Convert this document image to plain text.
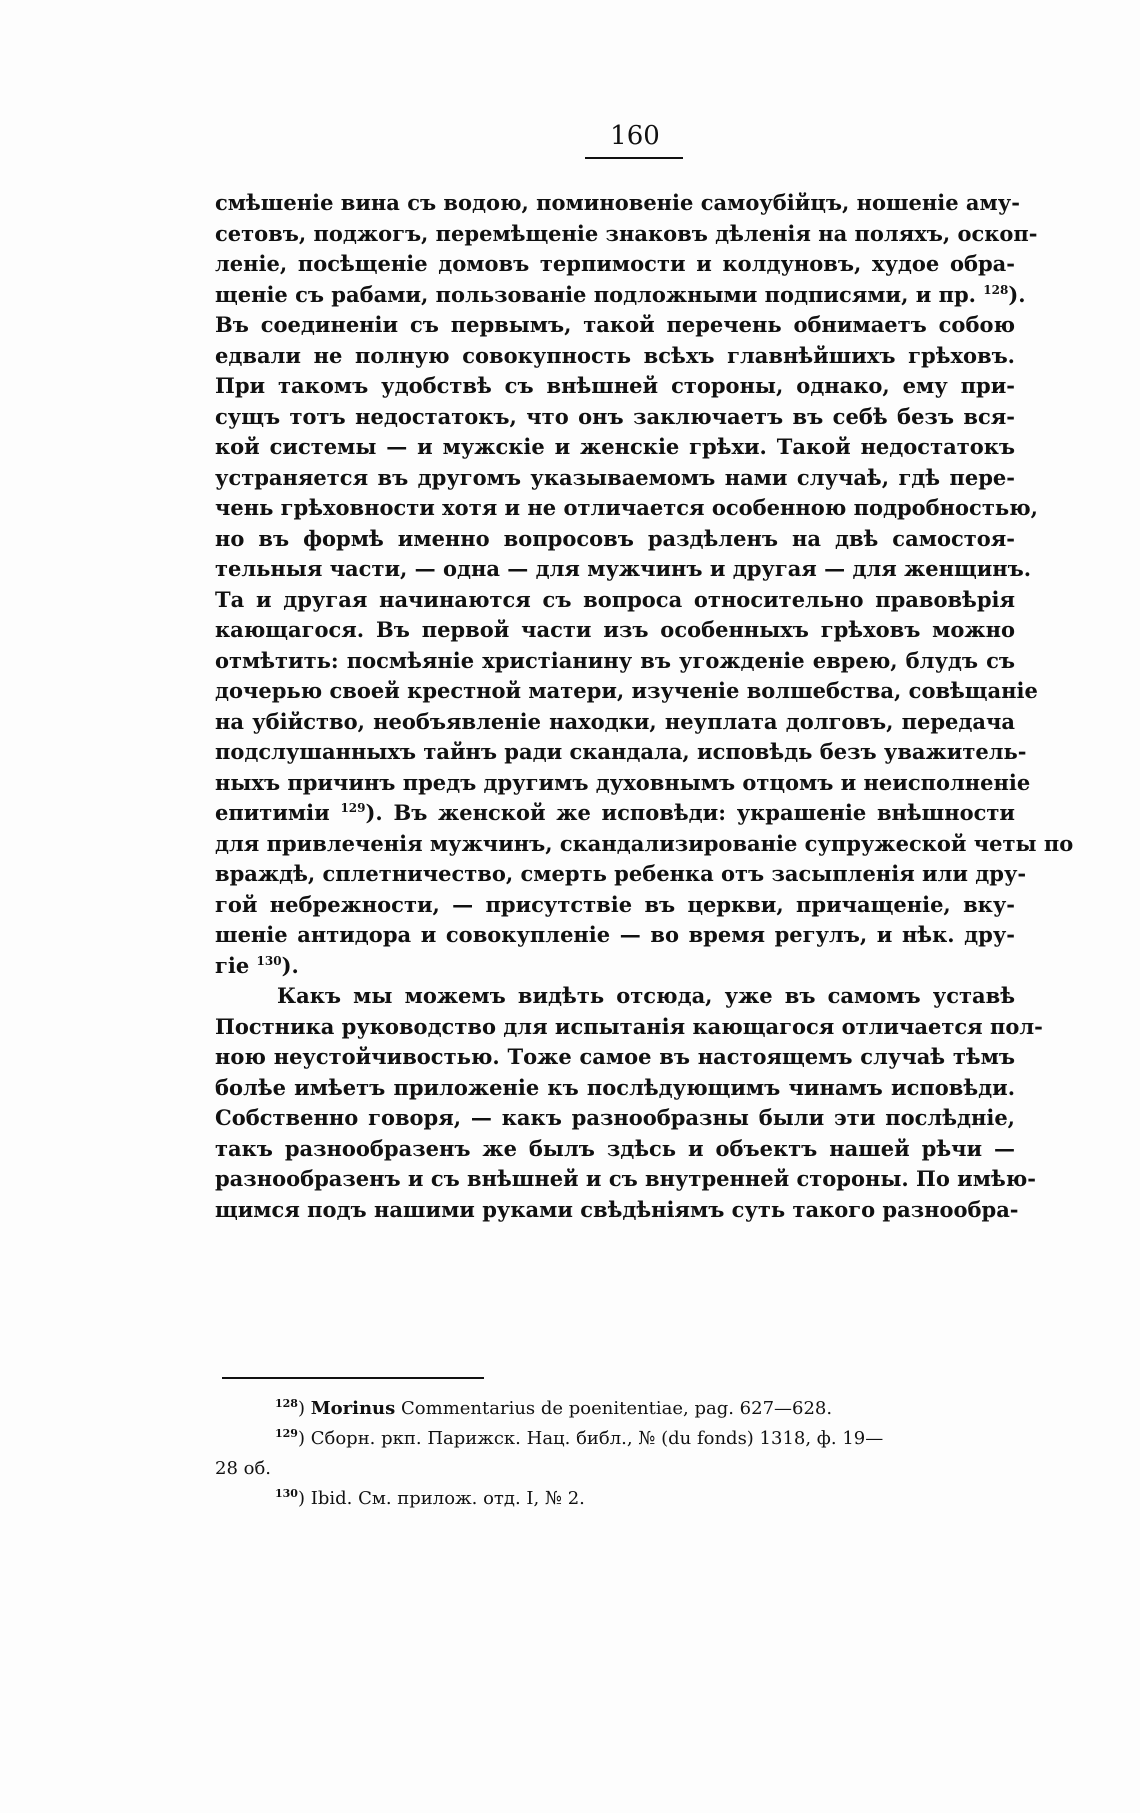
160

смѣшеніе вина съ водою, поминовеніе самоубійцъ, ношеніе аму-
сетовъ, поджогъ, перемѣщеніе знаковъ дѣленія на поляхъ, оскоп-
леніе, посѣщеніе домовъ терпимости и колдуновъ, худое обра-
щеніе съ рабами, пользованіе подложными подписями, и пр. $^{128}$).
Въ соединеніи съ первымъ, такой перечень обнимаетъ собою
едвали не полную совокупность всѣхъ главнѣйшихъ грѣховъ.
При такомъ удобствѣ съ внѣшней стороны, однако, ему при-
сущъ тотъ недостатокъ, что онъ заключаетъ въ себѣ безъ вся-
кой системы — и мужскіе и женскіе грѣхи. Такой недостатокъ
устраняется въ другомъ указываемомъ нами случаѣ, гдѣ пере-
чень грѣховности хотя и не отличается особенною подробностью,
но въ формѣ именно вопросовъ раздѣленъ на двѣ самостоя-
тельныя части, — одна — для мужчинъ и другая — для женщинъ.
Та и другая начинаются съ вопроса относительно правовѣрія
кающагося. Въ первой части изъ особенныхъ грѣховъ можно
отмѣтить: посмѣяніе христіанину въ угожденіе еврею, блудъ съ
дочерью своей крестной матери, изученіе волшебства, совѣщаніе
на убійство, необъявленіе находки, неуплата долговъ, передача
подслушанныхъ тайнъ ради скандала, исповѣдь безъ уважитель-
ныхъ причинъ предъ другимъ духовнымъ отцомъ и неисполненіе
епитиміи $^{129}$). Въ женской же исповѣди: украшеніе внѣшности
для привлеченія мужчинъ, скандализированіе супружеской четы по
враждѣ, сплетничество, смерть ребенка отъ засыпленія или дру-
гой небрежности, — присутствіе въ церкви, причащеніе, вку-
шеніе антидора и совокупленіе — во время регулъ, и нѣк. дру-
гіе $^{130}$).

Какъ мы можемъ видѣть отсюда, уже въ самомъ уставѣ
Постника руководство для испытанія кающагося отличается пол-
ною неустойчивостью. Тоже самое въ настоящемъ случаѣ тѣмъ
болѣе имѣетъ приложеніе къ послѣдующимъ чинамъ исповѣди.
Собственно говоря, — какъ разнообразны были эти послѣдніе,
такъ разнообразенъ же былъ здѣсь и объектъ нашей рѣчи —
разнообразенъ и съ внѣшней и съ внутренней стороны. По имѣю-
щимся подъ нашими руками свѣдѣніямъ суть такого разнообра-

$^{128}$) Morinus Commentarius de poenitentiae, pag. 627—628.
$^{129}$) Сборн. ркп. Парижск. Нац. библ., № (du fonds) 1318, ф. 19—
28 об.
$^{130}$) Ibid. См. прилож. отд. I, № 2.
